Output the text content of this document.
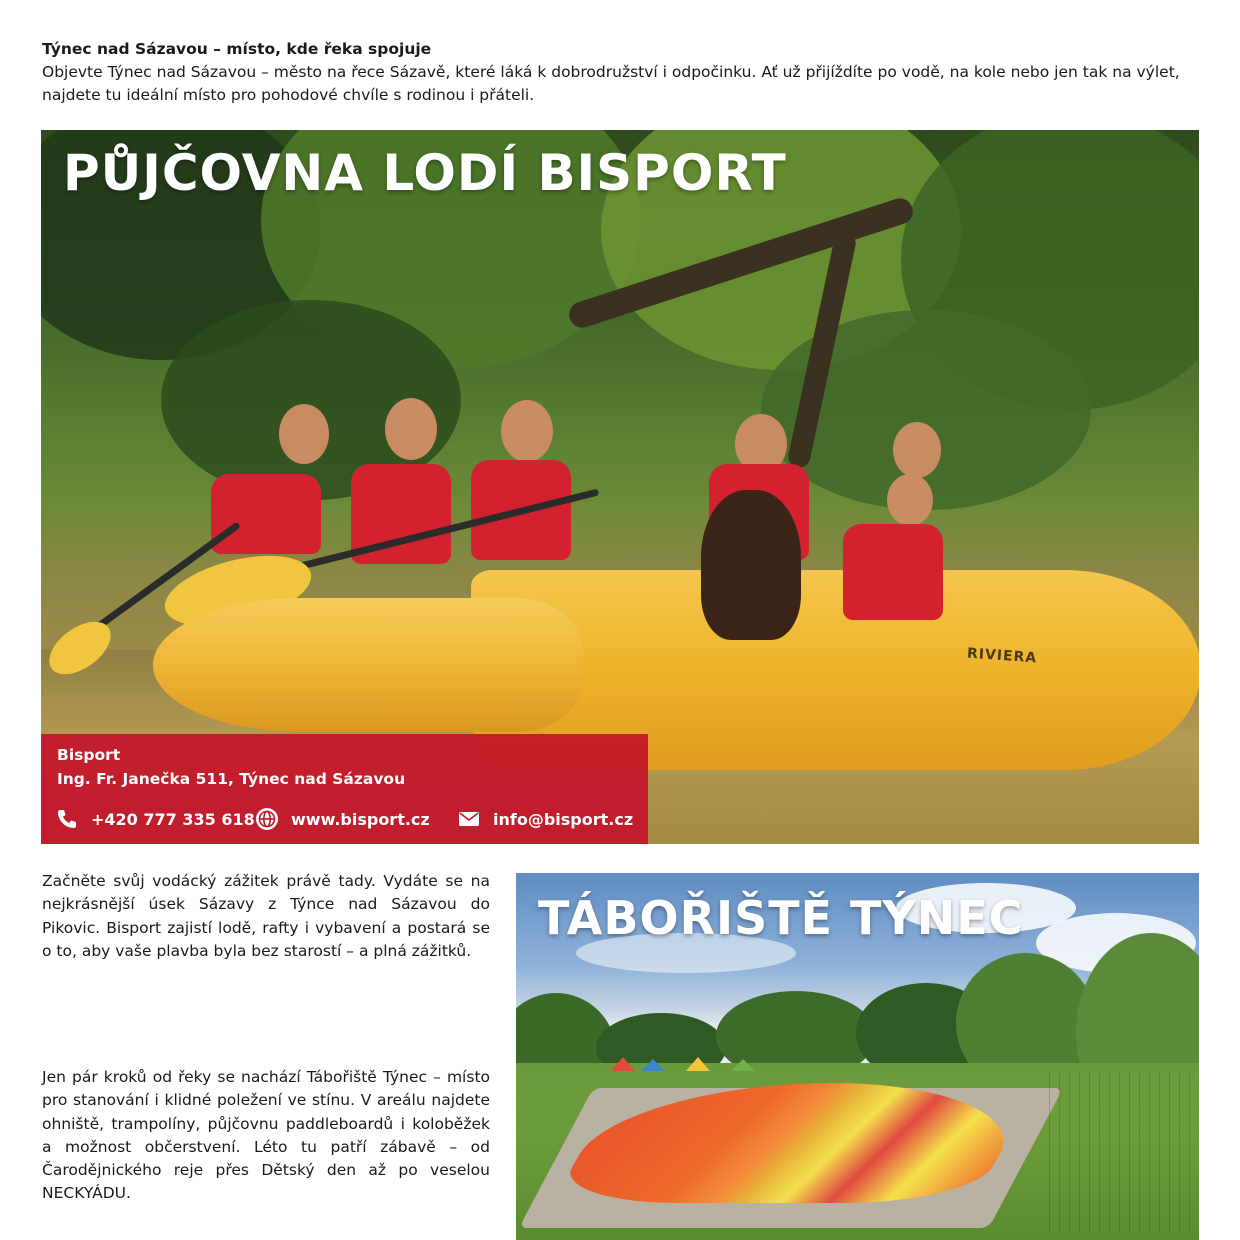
Týnec nad Sázavou – místo, kde řeka spojuje

Objevte Týnec nad Sázavou – město na řece Sázavě, které láká k dobrodružství i odpočinku. Ať už přijíždíte po vodě, na kole nebo jen tak na výlet, najdete tu ideální místo pro pohodové chvíle s rodinou i přáteli.

RIVIERA
PŮJČOVNA LODÍ BISPORT
Bisport
Ing. Fr. Janečka 511, Týnec nad Sázavou
+420 777 335 618 www.bisport.cz	info@bisport.cz

Začněte svůj vodácký zážitek právě tady. Vydáte se na nejkrásnější úsek Sázavy z Týnce nad Sázavou do Pikovic. Bisport zajistí lodě, rafty i vybavení a postará se o to, aby vaše plavba byla bez starostí – a plná zážitků.

Jen pár kroků od řeky se nachází Tábořiště Týnec – místo pro stanování i klidné poležení ve stínu. V areálu najdete ohniště, trampolíny, půjčovnu paddleboardů i koloběžek a možnost občerstvení. Léto tu patří zábavě – od Čarodějnického reje přes Dětský den až po veselou NECKYÁDU.

TÁBOŘIŠTĚ TÝNEC
